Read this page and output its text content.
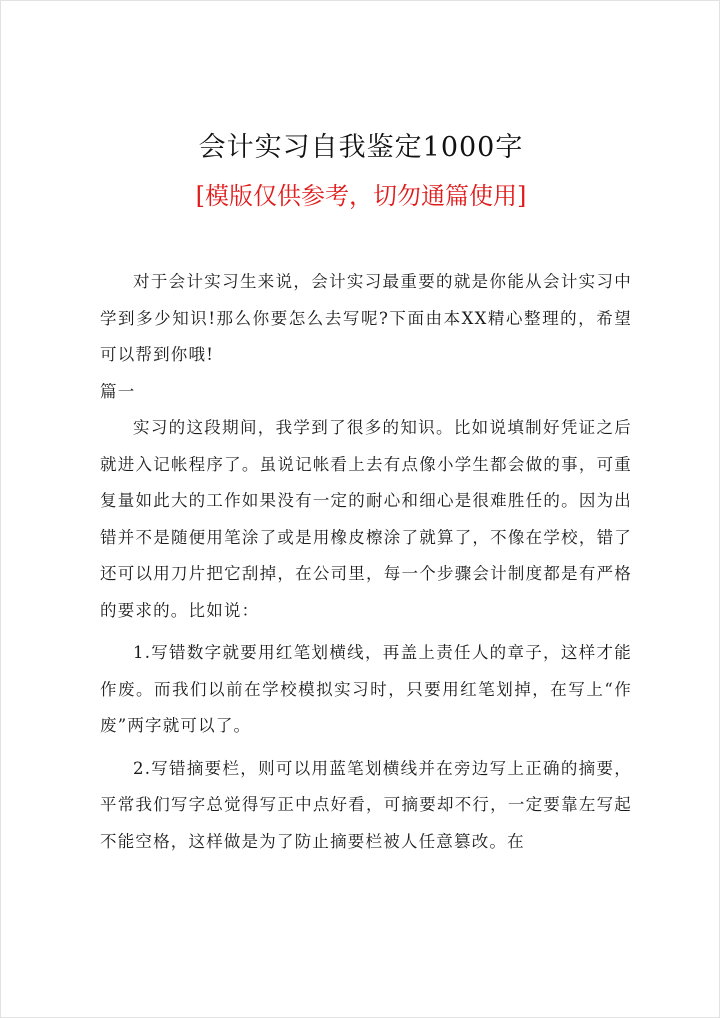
会计实习自我鉴定1000字
[模版仅供参考，切勿通篇使用]

对于会计实习生来说，会计实习最重要的就是你能从会计实习中学到多少知识!那么你要怎么去写呢?下面由本XX精心整理的，希望可以帮到你哦!

篇一

实习的这段期间，我学到了很多的知识。比如说填制好凭证之后就进入记帐程序了。虽说记帐看上去有点像小学生都会做的事，可重复量如此大的工作如果没有一定的耐心和细心是很难胜任的。因为出错并不是随便用笔涂了或是用橡皮檫涂了就算了，不像在学校，错了还可以用刀片把它刮掉，在公司里，每一个步骤会计制度都是有严格的要求的。比如说：

1.写错数字就要用红笔划横线，再盖上责任人的章子，这样才能作废。而我们以前在学校模拟实习时，只要用红笔划掉，在写上“作废”两字就可以了。

2.写错摘要栏，则可以用蓝笔划横线并在旁边写上正确的摘要，平常我们写字总觉得写正中点好看，可摘要却不行，一定要靠左写起不能空格，这样做是为了防止摘要栏被人任意篡改。在
